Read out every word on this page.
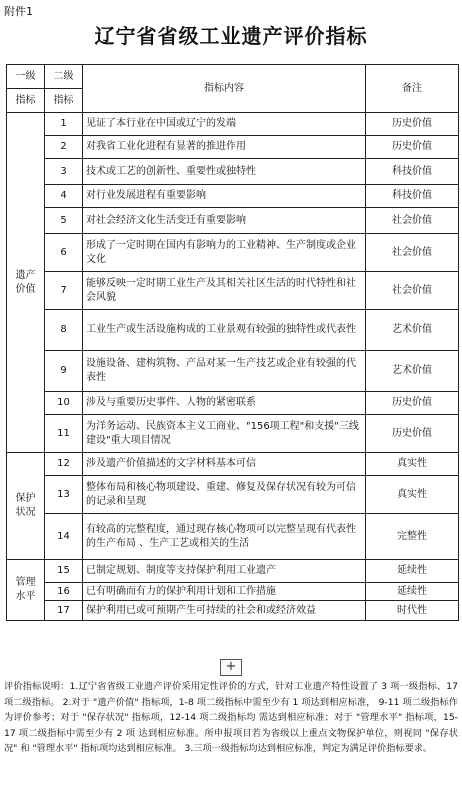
附件1
辽宁省省级工业遗产评价指标
一级	二级	指标内容	备注
指标	指标		

遗产
价值	1	见证了本行业在中国或辽宁的发端	历史价值
	2	对我省工业化进程有显著的推进作用	历史价值
	3	技术或工艺的创新性、重要性或独特性	科技价值
	4	对行业发展进程有重要影响	科技价值
	5	对社会经济文化生活变迁有重要影响	社会价值
	6	形成了一定时期在国内有影响力的工业精神、生产制度或企业文化	社会价值
	7	能够反映一定时期工业生产及其相关社区生活的时代特性和社会风貌	社会价值
	8	工业生产或生活设施构成的工业景观有较强的独特性或代表性	艺术价值
	9	设施设备、建构筑物、产品对某一生产技艺或企业有较强的代表性	艺术价值
	10	涉及与重要历史事件、人物的紧密联系	历史价值
	11	为洋务运动、民族资本主义工商业、"156项工程"和支援"三线建设"重大项目情况	历史价值

保护
状况	12	涉及遗产价值描述的文字材料基本可信	真实性
	13	整体布局和核心物项建设、重建、修复及保存状况有较为可信的记录和呈现	真实性
	14	有较高的完整程度，通过现存核心物项可以完整呈现有代表性的生产布局 、生产工艺或相关的生活	完整性

管理
水平	15	已制定规划、制度等支持保护利用工业遗产	延续性
	16	已有明确而有力的保护利用计划和工作措施	延续性
	17	保护利用已或可预期产生可持续的社会和或经济效益	时代性
+
评价指标说明：1.辽宁省省级工业遗产评价采用定性评价的方式，针对工业遗产特性设置了 3 项一级指标、17 项二级指标。 2.对于 "遗产价值" 指标项，1-8 项二级指标中需至少有 1 项达到相应标准， 9-11 项二级指标作为评价参考；对于 "保存状况" 指标项，12-14 项二级指标均 需达到相应标准；对于 "管理水平" 指标项，15-17 项二级指标中需至少有 2 项 达到相应标准。所申报项目若为省级以上重点文物保护单位，则视同 "保存状况" 和 "管理水平" 指标项均达到相应标准。 3.三项一级指标均达到相应标准，判定为满足评价指标要求。
